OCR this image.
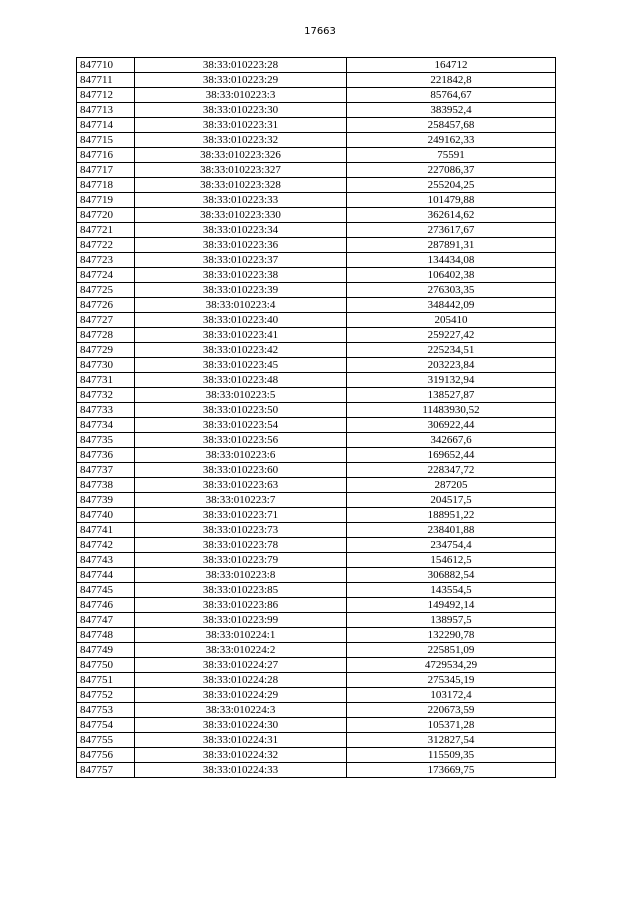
17663
847710	38:33:010223:28	164712
847711	38:33:010223:29	221842,8
847712	38:33:010223:3	85764,67
847713	38:33:010223:30	383952,4
847714	38:33:010223:31	258457,68
847715	38:33:010223:32	249162,33
847716	38:33:010223:326	75591
847717	38:33:010223:327	227086,37
847718	38:33:010223:328	255204,25
847719	38:33:010223:33	101479,88
847720	38:33:010223:330	362614,62
847721	38:33:010223:34	273617,67
847722	38:33:010223:36	287891,31
847723	38:33:010223:37	134434,08
847724	38:33:010223:38	106402,38
847725	38:33:010223:39	276303,35
847726	38:33:010223:4	348442,09
847727	38:33:010223:40	205410
847728	38:33:010223:41	259227,42
847729	38:33:010223:42	225234,51
847730	38:33:010223:45	203223,84
847731	38:33:010223:48	319132,94
847732	38:33:010223:5	138527,87
847733	38:33:010223:50	11483930,52
847734	38:33:010223:54	306922,44
847735	38:33:010223:56	342667,6
847736	38:33:010223:6	169652,44
847737	38:33:010223:60	228347,72
847738	38:33:010223:63	287205
847739	38:33:010223:7	204517,5
847740	38:33:010223:71	188951,22
847741	38:33:010223:73	238401,88
847742	38:33:010223:78	234754,4
847743	38:33:010223:79	154612,5
847744	38:33:010223:8	306882,54
847745	38:33:010223:85	143554,5
847746	38:33:010223:86	149492,14
847747	38:33:010223:99	138957,5
847748	38:33:010224:1	132290,78
847749	38:33:010224:2	225851,09
847750	38:33:010224:27	4729534,29
847751	38:33:010224:28	275345,19
847752	38:33:010224:29	103172,4
847753	38:33:010224:3	220673,59
847754	38:33:010224:30	105371,28
847755	38:33:010224:31	312827,54
847756	38:33:010224:32	115509,35
847757	38:33:010224:33	173669,75
